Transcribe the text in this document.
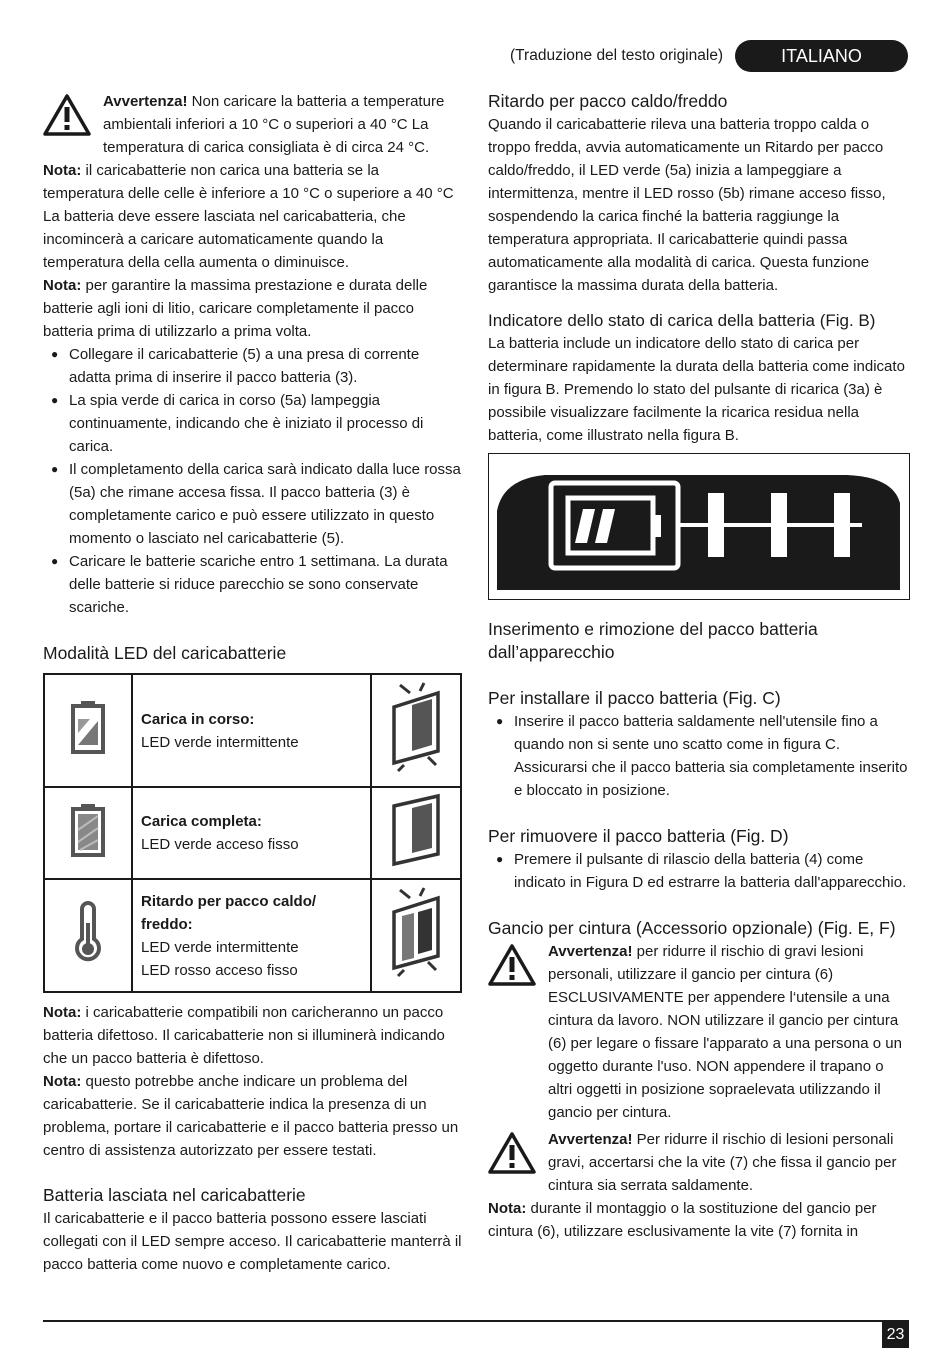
(Traduzione del testo originale)	ITALIANO

Avvertenza! Non caricare la batteria a temperature ambientali inferiori a 10 °C o superiori a 40 °C La temperatura di carica consigliata è di circa 24 °C.

Nota: il caricabatterie non carica una batteria se la temperatura delle celle è inferiore a 10 °C o superiore a 40 °C La batteria deve essere lasciata nel caricabatteria, che incomincerà a caricare automaticamente quando la temperatura della cella aumenta o diminuisce.

Nota: per garantire la massima prestazione e durata delle batterie agli ioni di litio, caricare completamente il pacco batteria prima di utilizzarlo a prima volta.

● Collegare il caricabatterie (5) a una presa di corrente adatta prima di inserire il pacco batteria (3).
● La spia verde di carica in corso (5a) lampeggia continuamente, indicando che è iniziato il processo di carica.
● Il completamento della carica sarà indicato dalla luce rossa (5a) che rimane accesa fissa. Il pacco batteria (3) è completamente carico e può essere utilizzato in questo momento o lasciato nel caricabatterie (5).
● Caricare le batterie scariche entro 1 settimana. La durata delle batterie si riduce parecchio se sono conservate scariche.
Modalità LED del caricabatterie

Carica in corso:
LED verde intermittente

Carica completa:
LED verde acceso fisso

Ritardo per pacco caldo/ freddo:
LED verde intermittente
LED rosso acceso fisso

Nota: i caricabatterie compatibili non caricheranno un pacco batteria difettoso. Il caricabatterie non si illuminerà indicando che un pacco batteria è difettoso.

Nota: questo potrebbe anche indicare un problema del caricabatterie. Se il caricabatterie indica la presenza di un problema, portare il caricabatterie e il pacco batteria presso un centro di assistenza autorizzato per essere testati.

Batteria lasciata nel caricabatterie

Il caricabatterie e il pacco batteria possono essere lasciati collegati con il LED sempre acceso. Il caricabatterie manterrà il pacco batteria come nuovo e completamente carico.

Ritardo per pacco caldo/freddo

Quando il caricabatterie rileva una batteria troppo calda o troppo fredda, avvia automaticamente un Ritardo per pacco caldo/freddo, il LED verde (5a) inizia a lampeggiare a intermittenza, mentre il LED rosso (5b) rimane acceso fisso, sospendendo la carica finché la batteria raggiunge la temperatura appropriata. Il caricabatterie quindi passa automaticamente alla modalità di carica. Questa funzione garantisce la massima durata della batteria.

Indicatore dello stato di carica della batteria (Fig. B)

La batteria include un indicatore dello stato di carica per determinare rapidamente la durata della batteria come indicato in figura B. Premendo lo stato del pulsante di ricarica (3a) è possibile visualizzare facilmente la ricarica residua nella batteria, come illustrato nella figura B.

Inserimento e rimozione del pacco batteria dall’apparecchio
Per installare il pacco batteria (Fig. C)
● Inserire il pacco batteria saldamente nell'utensile fino a quando non si sente uno scatto come in figura C. Assicurarsi che il pacco batteria sia completamente inserito e bloccato in posizione.
Per rimuovere il pacco batteria (Fig. D)
● Premere il pulsante di rilascio della batteria (4) come indicato in Figura D ed estrarre la batteria dall'apparecchio.
Gancio per cintura (Accessorio opzionale) (Fig. E, F)

Avvertenza! per ridurre il rischio di gravi lesioni personali, utilizzare il gancio per cintura (6) ESCLUSIVAMENTE per appendere l‘utensile a una cintura da lavoro. NON utilizzare il gancio per cintura (6) per legare o fissare l'apparato a una persona o un oggetto durante l'uso. NON appendere il trapano o altri oggetti in posizione sopraelevata utilizzando il gancio per cintura.

Avvertenza! Per ridurre il rischio di lesioni personali gravi, accertarsi che la vite (7) che fissa il gancio per cintura sia serrata saldamente.

Nota: durante il montaggio o la sostituzione del gancio per cintura (6), utilizzare esclusivamente la vite (7) fornita in

23
